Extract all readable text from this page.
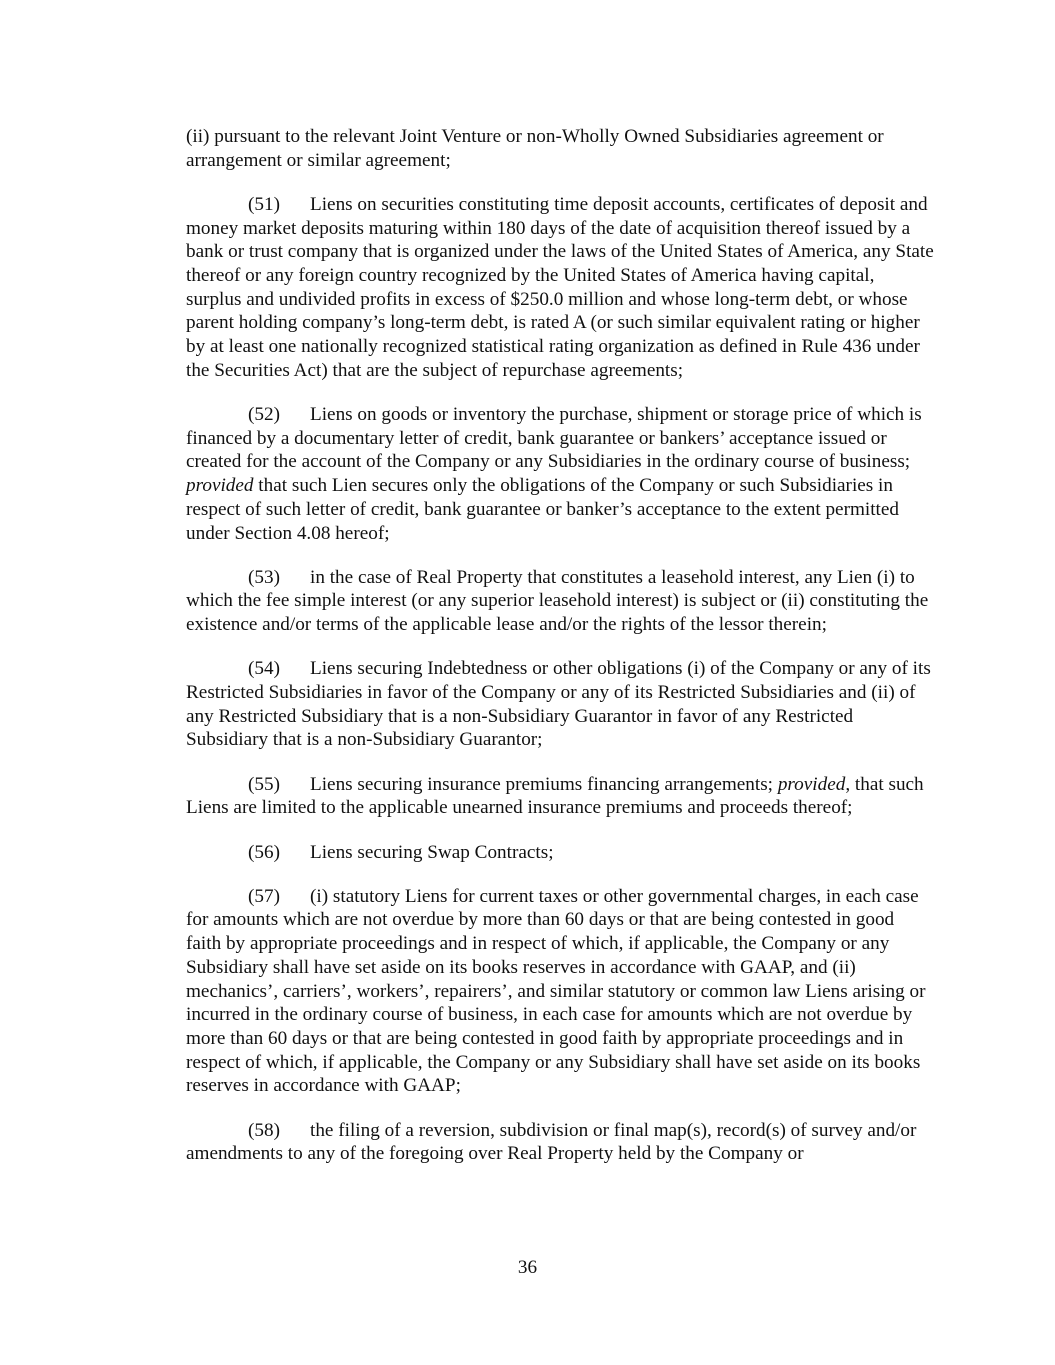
(ii) pursuant to the relevant Joint Venture or non-Wholly Owned Subsidiaries agreement or arrangement or similar agreement;

(51) Liens on securities constituting time deposit accounts, certificates of deposit and money market deposits maturing within 180 days of the date of acquisition thereof issued by a bank or trust company that is organized under the laws of the United States of America, any State thereof or any foreign country recognized by the United States of America having capital, surplus and undivided profits in excess of $250.0 million and whose long-term debt, or whose parent holding company’s long-term debt, is rated A (or such similar equivalent rating or higher by at least one nationally recognized statistical rating organization as defined in Rule 436 under the Securities Act) that are the subject of repurchase agreements;

(52) Liens on goods or inventory the purchase, shipment or storage price of which is financed by a documentary letter of credit, bank guarantee or bankers’ acceptance issued or created for the account of the Company or any Subsidiaries in the ordinary course of business; provided that such Lien secures only the obligations of the Company or such Subsidiaries in respect of such letter of credit, bank guarantee or banker’s acceptance to the extent permitted under Section 4.08 hereof;

(53) in the case of Real Property that constitutes a leasehold interest, any Lien (i) to which the fee simple interest (or any superior leasehold interest) is subject or (ii) constituting the existence and/or terms of the applicable lease and/or the rights of the lessor therein;

(54) Liens securing Indebtedness or other obligations (i) of the Company or any of its Restricted Subsidiaries in favor of the Company or any of its Restricted Subsidiaries and (ii) of any Restricted Subsidiary that is a non-Subsidiary Guarantor in favor of any Restricted Subsidiary that is a non-Subsidiary Guarantor;

(55) Liens securing insurance premiums financing arrangements; provided, that such Liens are limited to the applicable unearned insurance premiums and proceeds thereof;

(56) Liens securing Swap Contracts;

(57) (i) statutory Liens for current taxes or other governmental charges, in each case for amounts which are not overdue by more than 60 days or that are being contested in good faith by appropriate proceedings and in respect of which, if applicable, the Company or any Subsidiary shall have set aside on its books reserves in accordance with GAAP, and (ii) mechanics’, carriers’, workers’, repairers’, and similar statutory or common law Liens arising or incurred in the ordinary course of business, in each case for amounts which are not overdue by more than 60 days or that are being contested in good faith by appropriate proceedings and in respect of which, if applicable, the Company or any Subsidiary shall have set aside on its books reserves in accordance with GAAP;

(58) the filing of a reversion, subdivision or final map(s), record(s) of survey and/or amendments to any of the foregoing over Real Property held by the Company or

36
